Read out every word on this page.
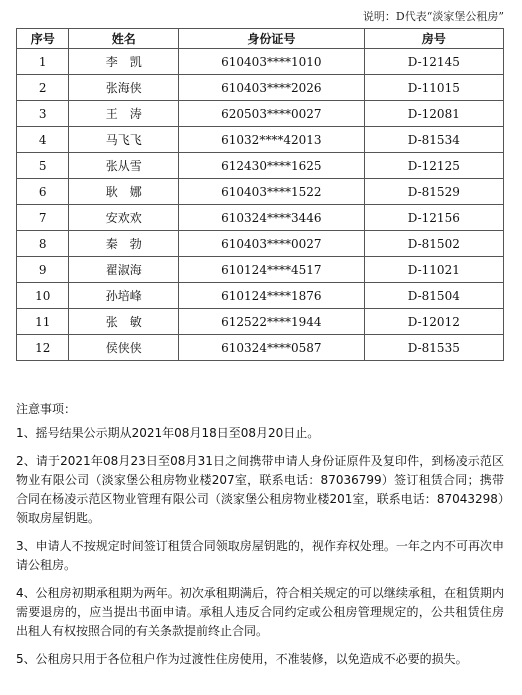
说明：D代表“淡家堡公租房”
序号	姓名	身份证号	房号
1	李　凯	610403****1010	D-12145
2	张海侠	610403****2026	D-11015
3	王　涛	620503****0027	D-12081
4	马飞飞	61032****42013	D-81534
5	张从雪	612430****1625	D-12125
6	耿　娜	610403****1522	D-81529
7	安欢欢	610324****3446	D-12156
8	秦　勃	610403****0027	D-81502
9	翟淑海	610124****4517	D-11021
10	孙培峰	610124****1876	D-81504
11	张　敏	612522****1944	D-12012
12	侯侠侠	610324****0587	D-81535

注意事项：

1、摇号结果公示期从2021年08月18日至08月20日止。

2、请于2021年08月23日至08月31日之间携带申请人身份证原件及复印件，到杨凌示范区物业有限公司（淡家堡公租房物业楼207室，联系电话：87036799）签订租赁合同；携带合同在杨凌示范区物业管理有限公司（淡家堡公租房物业楼201室，联系电话：87043298）领取房屋钥匙。

3、申请人不按规定时间签订租赁合同领取房屋钥匙的，视作弃权处理。一年之内不可再次申请公租房。

4、公租房初期承租期为两年。初次承租期满后，符合相关规定的可以继续承租，在租赁期内需要退房的，应当提出书面申请。承租人违反合同约定或公租房管理规定的，公共租赁住房出租人有权按照合同的有关条款提前终止合同。

5、公租房只用于各位租户作为过渡性住房使用，不准装修，以免造成不必要的损失。
